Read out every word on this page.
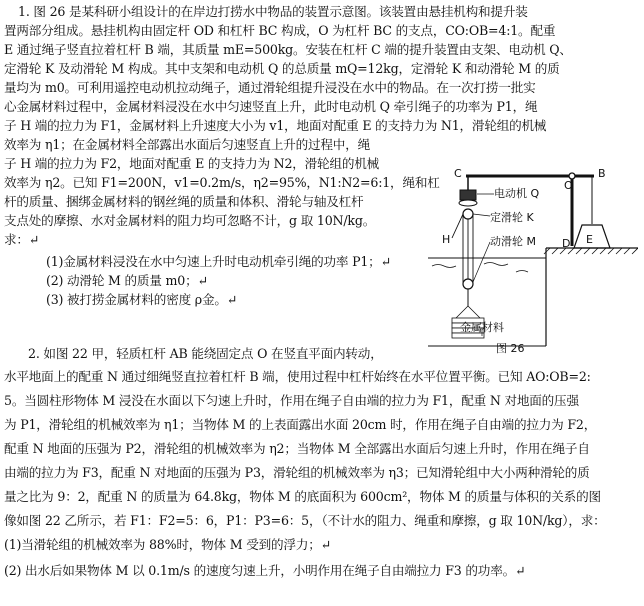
1. 图 26 是某科研小组设计的在岸边打捞水中物品的装置示意图。该装置由悬挂机构和提升装
置两部分组成。悬挂机构由固定杆 OD 和杠杆 BC 构成，O 为杠杆 BC 的支点，CO:OB=4:1。配重
E 通过绳子竖直拉着杠杆 B 端，其质量 mE=500kg。安装在杠杆 C 端的提升装置由支架、电动机 Q、
定滑轮 K 及动滑轮 M 构成。其中支架和电动机 Q 的总质量 mQ=12kg，定滑轮 K 和动滑轮 M 的质
量均为 m0。可利用遥控电动机拉动绳子，通过滑轮组提升浸没在水中的物品。在一次打捞一批实
心金属材料过程中，金属材料浸没在水中匀速竖直上升，此时电动机 Q 牵引绳子的功率为 P1，绳
子 H 端的拉力为 F1，金属材料上升速度大小为 v1，地面对配重 E 的支持力为 N1，滑轮组的机械
效率为 η1；在金属材料全部露出水面后匀速竖直上升的过程中，绳
子 H 端的拉力为 F2，地面对配重 E 的支持力为 N2，滑轮组的机械
效率为 η2。已知 F1=200N，v1=0.2m/s，η2=95%，N1:N2=6:1，绳和杠
杆的质量、捆绑金属材料的钢丝绳的质量和体积、滑轮与轴及杠杆
支点处的摩擦、水对金属材料的阻力均可忽略不计，g 取 10N/kg。
求：↵
(1)金属材料浸没在水中匀速上升时电动机牵引绳的功率 P1；↵
(2) 动滑轮 M 的质量 m0；↵
(3) 被打捞金属材料的密度 ρ金。↵
C
O
B
H	D E
电动机 Q
定滑轮 K
动滑轮 M
金属材料
图 26
2. 如图 22 甲，轻质杠杆 AB 能绕固定点 O 在竖直平面内转动，
水平地面上的配重 N 通过细绳竖直拉着杠杆 B 端，使用过程中杠杆始终在水平位置平衡。已知 AO:OB=2:
5。当圆柱形物体 M 浸没在水面以下匀速上升时，作用在绳子自由端的拉力为 F1，配重 N 对地面的压强
为 P1，滑轮组的机械效率为 η1；当物体 M 的上表面露出水面 20cm 时，作用在绳子自由端的拉力为 F2，
配重 N 地面的压强为 P2，滑轮组的机械效率为 η2；当物体 M 全部露出水面后匀速上升时，作用在绳子自
由端的拉力为 F3，配重 N 对地面的压强为 P3，滑轮组的机械效率为 η3；已知滑轮组中大小两种滑轮的质
量之比为 9：2，配重 N 的质量为 64.8kg，物体 M 的底面积为 600cm²，物体 M 的质量与体积的关系的图
像如图 22 乙所示，若 F1：F2=5：6，P1：P3=6：5，（不计水的阻力、绳重和摩擦，g 取 10N/kg），求：
(1)当滑轮组的机械效率为 88%时，物体 M 受到的浮力；↵
(2) 出水后如果物体 M 以 0.1m/s 的速度匀速上升，小明作用在绳子自由端拉力 F3 的功率。↵
